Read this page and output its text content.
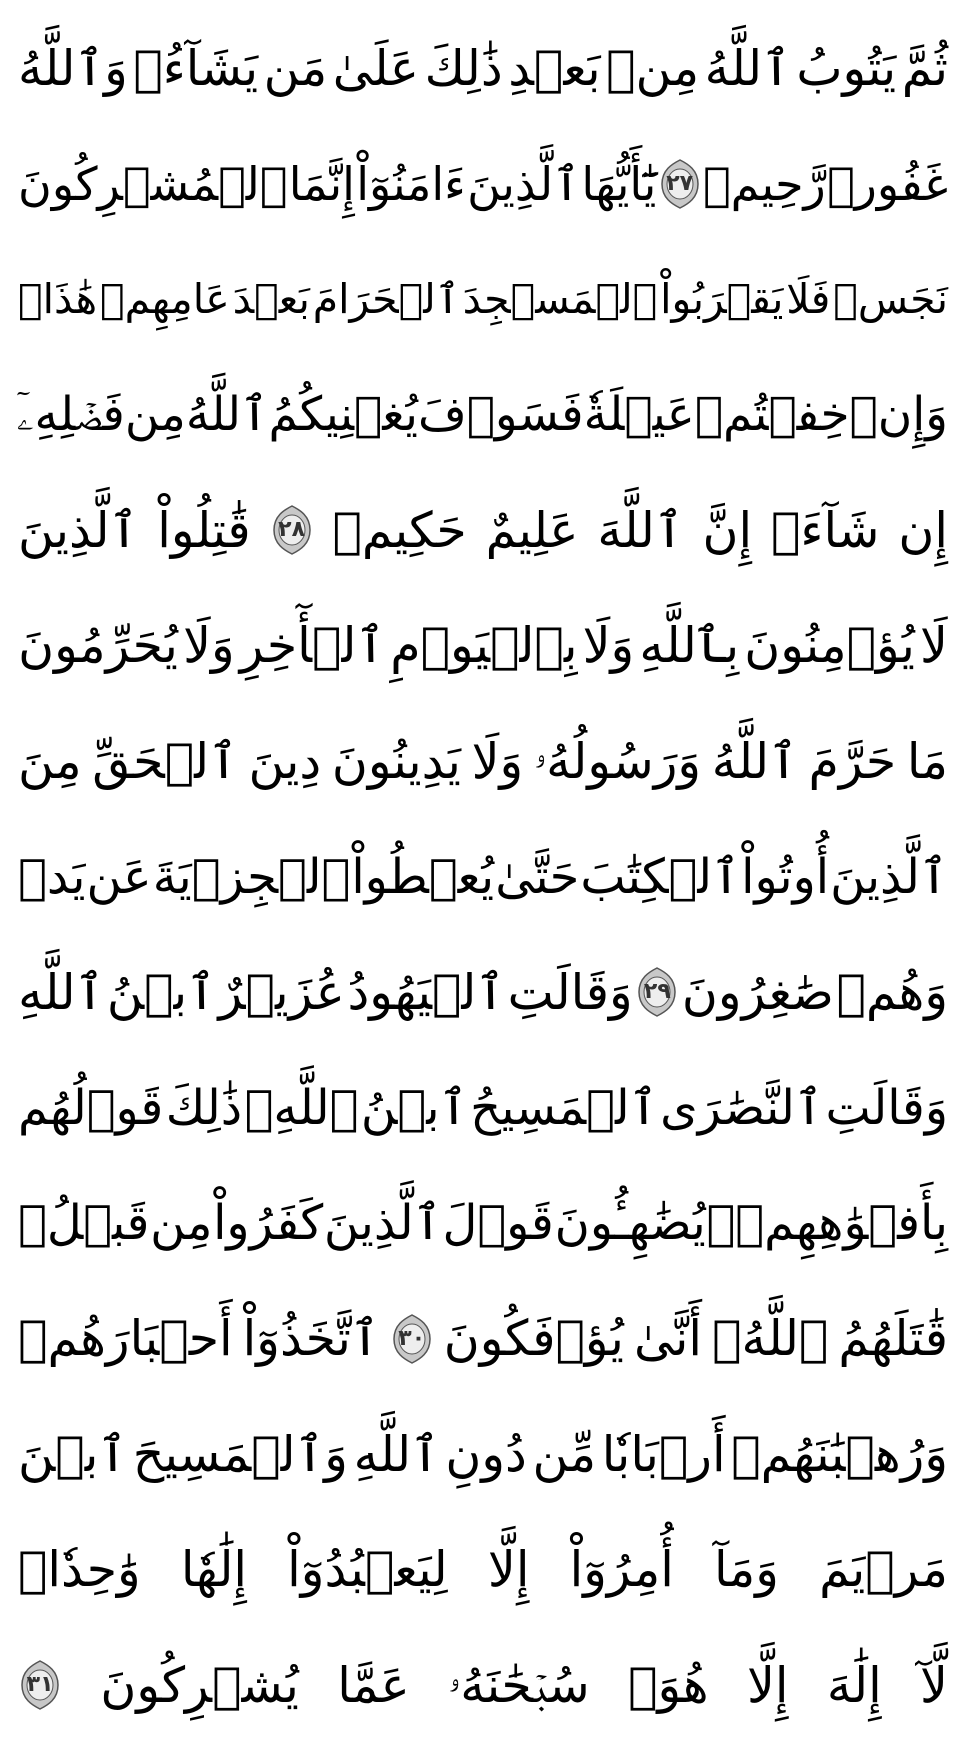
ثُمَّ
يَتُوبُ
ٱللَّهُ
مِنۢ
بَعۡدِ
ذَٰلِكَ
عَلَىٰ
مَن
يَشَآءُۗ
وَٱللَّهُ
غَفُورٞ
رَّحِيمٞ
٢٧
يَٰٓأَيُّهَا
ٱلَّذِينَ
ءَامَنُوٓاْ
إِنَّمَا
ٱلۡمُشۡرِكُونَ
نَجَسٞ
فَلَا
يَقۡرَبُواْ
ٱلۡمَسۡجِدَ
ٱلۡحَرَامَ
بَعۡدَ
عَامِهِمۡ
هَٰذَاۚ
وَإِنۡ
خِفۡتُمۡ
عَيۡلَةٗ
فَسَوۡفَ
يُغۡنِيكُمُ
ٱللَّهُ
مِن
فَضۡلِهِۦٓ
إِن
شَآءَۚ
إِنَّ
ٱللَّهَ
عَلِيمٌ
حَكِيمٞ
٢٨
قَٰتِلُواْ
ٱلَّذِينَ
لَا
يُؤۡمِنُونَ
بِٱللَّهِ
وَلَا
بِٱلۡيَوۡمِ
ٱلۡأٓخِرِ
وَلَا
يُحَرِّمُونَ
مَا
حَرَّمَ
ٱللَّهُ
وَرَسُولُهُۥ
وَلَا
يَدِينُونَ
دِينَ
ٱلۡحَقِّ
مِنَ
ٱلَّذِينَ
أُوتُواْ
ٱلۡكِتَٰبَ
حَتَّىٰ
يُعۡطُواْ
ٱلۡجِزۡيَةَ
عَن
يَدٖ
وَهُمۡ
صَٰغِرُونَ
٢٩
وَقَالَتِ
ٱلۡيَهُودُ
عُزَيۡرٌ
ٱبۡنُ
ٱللَّهِ
وَقَالَتِ
ٱلنَّصَٰرَى
ٱلۡمَسِيحُ
ٱبۡنُ
ٱللَّهِۖ
ذَٰلِكَ
قَوۡلُهُم
بِأَفۡوَٰهِهِمۡۖ
يُضَٰهِـُٔونَ
قَوۡلَ
ٱلَّذِينَ
كَفَرُواْ
مِن
قَبۡلُۚ
قَٰتَلَهُمُ
ٱللَّهُۖ
أَنَّىٰ
يُؤۡفَكُونَ
٣٠
ٱتَّخَذُوٓاْ
أَحۡبَارَهُمۡ
وَرُهۡبَٰنَهُمۡ
أَرۡبَابٗا
مِّن
دُونِ
ٱللَّهِ
وَٱلۡمَسِيحَ
ٱبۡنَ
مَرۡيَمَ
وَمَآ
أُمِرُوٓاْ
إِلَّا
لِيَعۡبُدُوٓاْ
إِلَٰهٗا
وَٰحِدٗاۖ
لَّآ
إِلَٰهَ
إِلَّا
هُوَۚ
سُبۡحَٰنَهُۥ
عَمَّا
يُشۡرِكُونَ
٣١
